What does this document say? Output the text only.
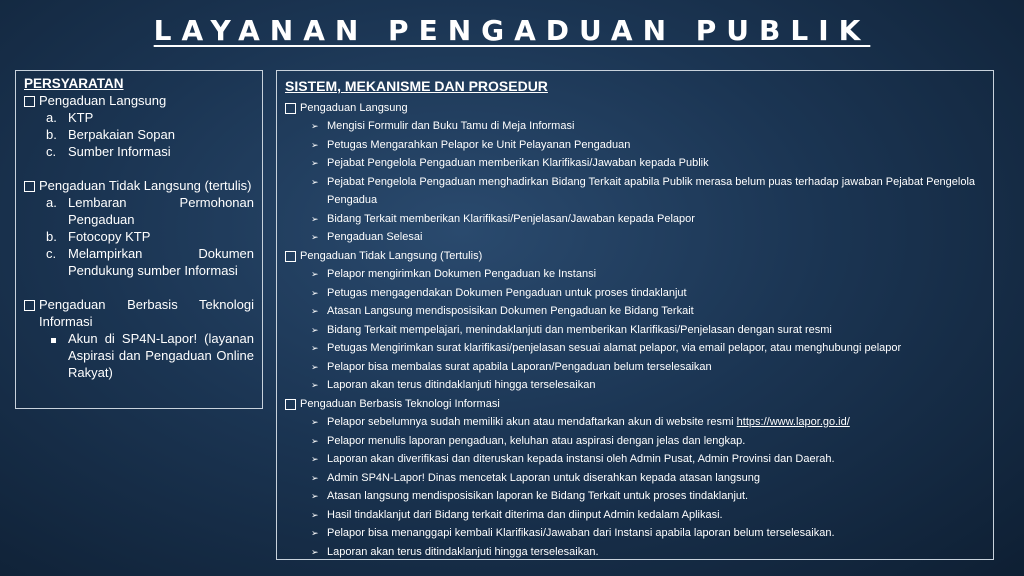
LAYANAN PENGADUAN PUBLIK
PERSYARATAN
Pengaduan Langsung
a. KTP
b. Berpakaian Sopan
c. Sumber Informasi
Pengaduan Tidak Langsung (tertulis)
a. Lembaran Permohonan Pengaduan
b. Fotocopy KTP
c. Melampirkan Dokumen Pendukung sumber Informasi
Pengaduan Berbasis Teknologi Informasi
Akun di SP4N-Lapor! (layanan Aspirasi dan Pengaduan Online Rakyat)
SISTEM, MEKANISME DAN PROSEDUR
Pengaduan Langsung
➢ Mengisi Formulir dan Buku Tamu di Meja Informasi
➢ Petugas Mengarahkan Pelapor ke Unit Pelayanan Pengaduan
➢ Pejabat Pengelola Pengaduan memberikan Klarifikasi/Jawaban kepada Publik
➢ Pejabat Pengelola Pengaduan menghadirkan Bidang Terkait apabila Publik merasa belum puas terhadap jawaban Pejabat Pengelola Pengadua
➢ Bidang Terkait memberikan Klarifikasi/Penjelasan/Jawaban kepada Pelapor
➢ Pengaduan Selesai
Pengaduan Tidak Langsung (Tertulis)
➢ Pelapor mengirimkan Dokumen Pengaduan ke Instansi
➢ Petugas mengagendakan Dokumen Pengaduan untuk proses tindaklanjut
➢ Atasan Langsung mendisposisikan Dokumen Pengaduan ke Bidang Terkait
➢ Bidang Terkait mempelajari, menindaklanjuti dan memberikan Klarifikasi/Penjelasan dengan surat resmi
➢ Petugas Mengirimkan surat klarifikasi/penjelasan sesuai alamat pelapor, via email pelapor, atau menghubungi pelapor
➢ Pelapor bisa membalas surat apabila Laporan/Pengaduan belum terselesaikan
➢ Laporan akan terus ditindaklanjuti hingga terselesaikan
Pengaduan Berbasis Teknologi Informasi
➢ Pelapor sebelumnya sudah memiliki akun atau mendaftarkan akun di website resmi https://www.lapor.go.id/
➢ Pelapor menulis laporan pengaduan, keluhan atau aspirasi dengan jelas dan lengkap.
➢ Laporan akan diverifikasi dan diteruskan kepada instansi oleh Admin Pusat, Admin Provinsi dan Daerah.
➢ Admin SP4N-Lapor! Dinas mencetak Laporan untuk diserahkan kepada atasan langsung
➢ Atasan langsung mendisposisikan laporan ke Bidang Terkait untuk proses tindaklanjut.
➢ Hasil tindaklanjut dari Bidang terkait diterima dan diinput Admin kedalam Aplikasi.
➢ Pelapor bisa menanggapi kembali Klarifikasi/Jawaban dari Instansi apabila laporan belum terselesaikan.
➢ Laporan akan terus ditindaklanjuti hingga terselesaikan.
